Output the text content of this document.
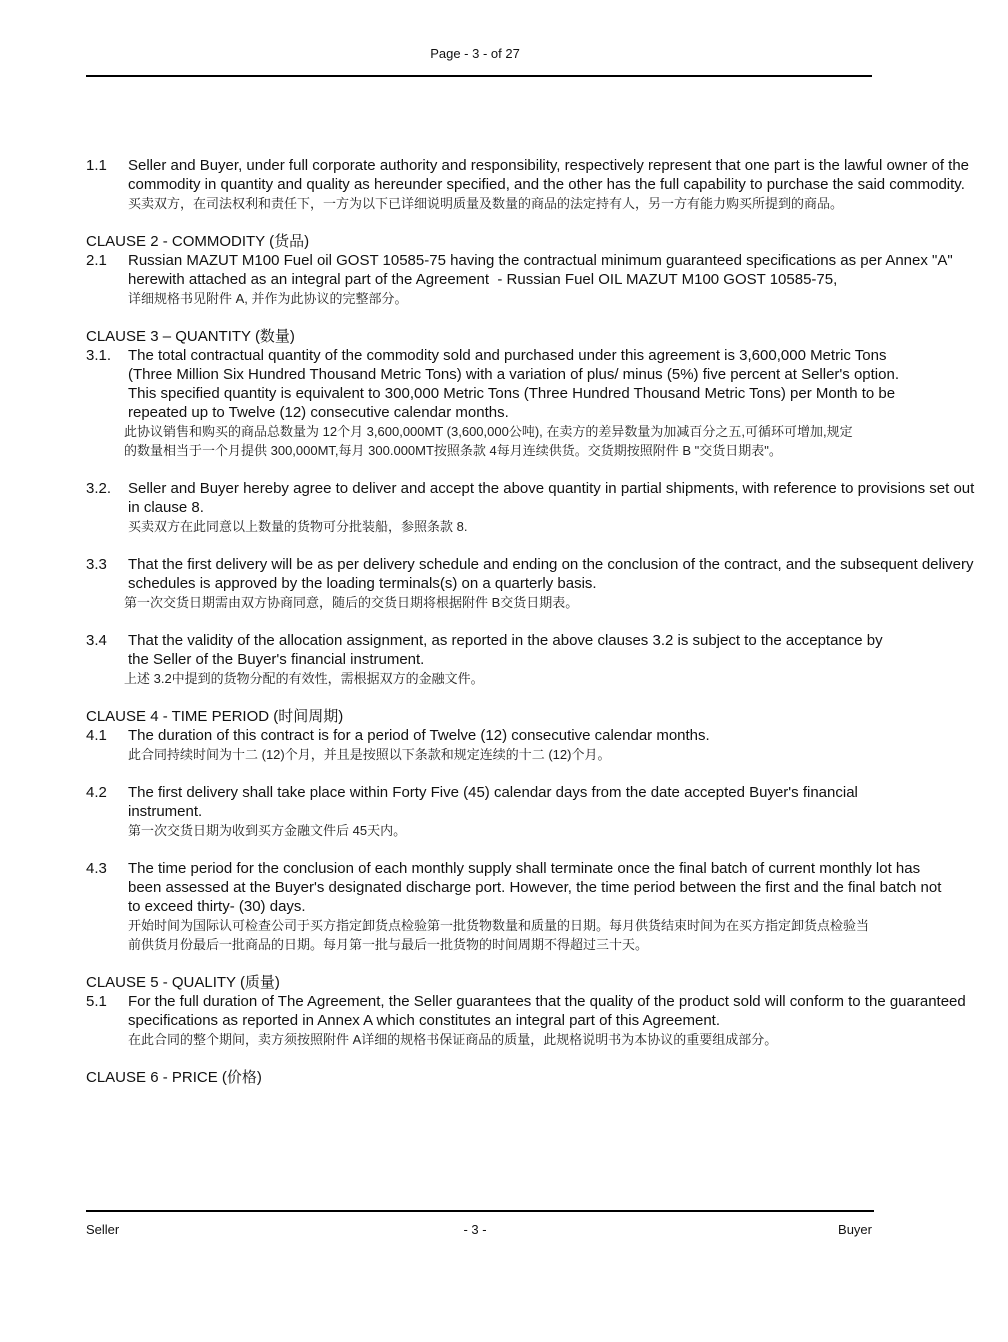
Page - 3 - of 27
1.1	Seller and Buyer, under full corporate authority and responsibility, respectively represent that one part is the lawful owner of the commodity in quantity and quality as hereunder specified, and the other has the full capability to purchase the said commodity.

买卖双方，在司法权利和责任下，一方为以下已详细说明质量及数量的商品的法定持有人，另一方有能力购买所提到的商品。

CLAUSE 2 - COMMODITY (货品)

2.1	Russian MAZUT M100 Fuel oil GOST 10585-75 having the contractual minimum guaranteed specifications as per Annex "A" herewith attached as an integral part of the Agreement  - Russian Fuel OIL MAZUT M100 GOST 10585-75,

详细规格书见附件 A, 并作为此协议的完整部分。

CLAUSE 3 – QUANTITY (数量)

3.1.	The total contractual quantity of the commodity sold and purchased under this agreement is 3,600,000 Metric Tons (Three Million Six Hundred Thousand Metric Tons) with a variation of plus/ minus (5%) five percent at Seller's option. This specified quantity is equivalent to 300,000 Metric Tons (Three Hundred Thousand Metric Tons) per Month to be repeated up to Twelve (12) consecutive calendar months.

此协议销售和购买的商品总数量为 12个月 3,600,000MT (3,600,000公吨), 在卖方的差异数量为加减百分之五,可循环可增加,规定的数量相当于一个月提供 300,000MT,每月 300.000MT按照条款 4每月连续供货。交货期按照附件 B "交货日期表"。

3.2.	Seller and Buyer hereby agree to deliver and accept the above quantity in partial shipments, with reference to provisions set out in clause 8.

买卖双方在此同意以上数量的货物可分批装船，参照条款 8.

3.3	That the first delivery will be as per delivery schedule and ending on the conclusion of the contract, and the subsequent delivery schedules is approved by the loading terminals(s) on a quarterly basis.

第一次交货日期需由双方协商同意，随后的交货日期将根据附件 B交货日期表。

3.4	That the validity of the allocation assignment, as reported in the above clauses 3.2 is subject to the acceptance by the Seller of the Buyer's financial instrument.

上述 3.2中提到的货物分配的有效性，需根据双方的金融文件。

CLAUSE 4 - TIME PERIOD (时间周期)

4.1	The duration of this contract is for a period of Twelve (12) consecutive calendar months.

此合同持续时间为十二 (12)个月，并且是按照以下条款和规定连续的十二 (12)个月。

4.2	The first delivery shall take place within Forty Five (45) calendar days from the date accepted Buyer's financial instrument.

第一次交货日期为收到买方金融文件后 45天内。

4.3	The time period for the conclusion of each monthly supply shall terminate once the final batch of current monthly lot has been assessed at the Buyer's designated discharge port. However, the time period between the first and the final batch not to exceed thirty- (30) days.

开始时间为国际认可检查公司于买方指定卸货点检验第一批货物数量和质量的日期。每月供货结束时间为在买方指定卸货点检验当前供货月份最后一批商品的日期。每月第一批与最后一批货物的时间周期不得超过三十天。

CLAUSE 5 - QUALITY (质量)

5.1	For the full duration of The Agreement, the Seller guarantees that the quality of the product sold will conform to the guaranteed specifications as reported in Annex A which constitutes an integral part of this Agreement.

在此合同的整个期间，卖方须按照附件 A详细的规格书保证商品的质量，此规格说明书为本协议的重要组成部分。

CLAUSE 6 - PRICE (价格)

Seller	- 3 -	Buyer
